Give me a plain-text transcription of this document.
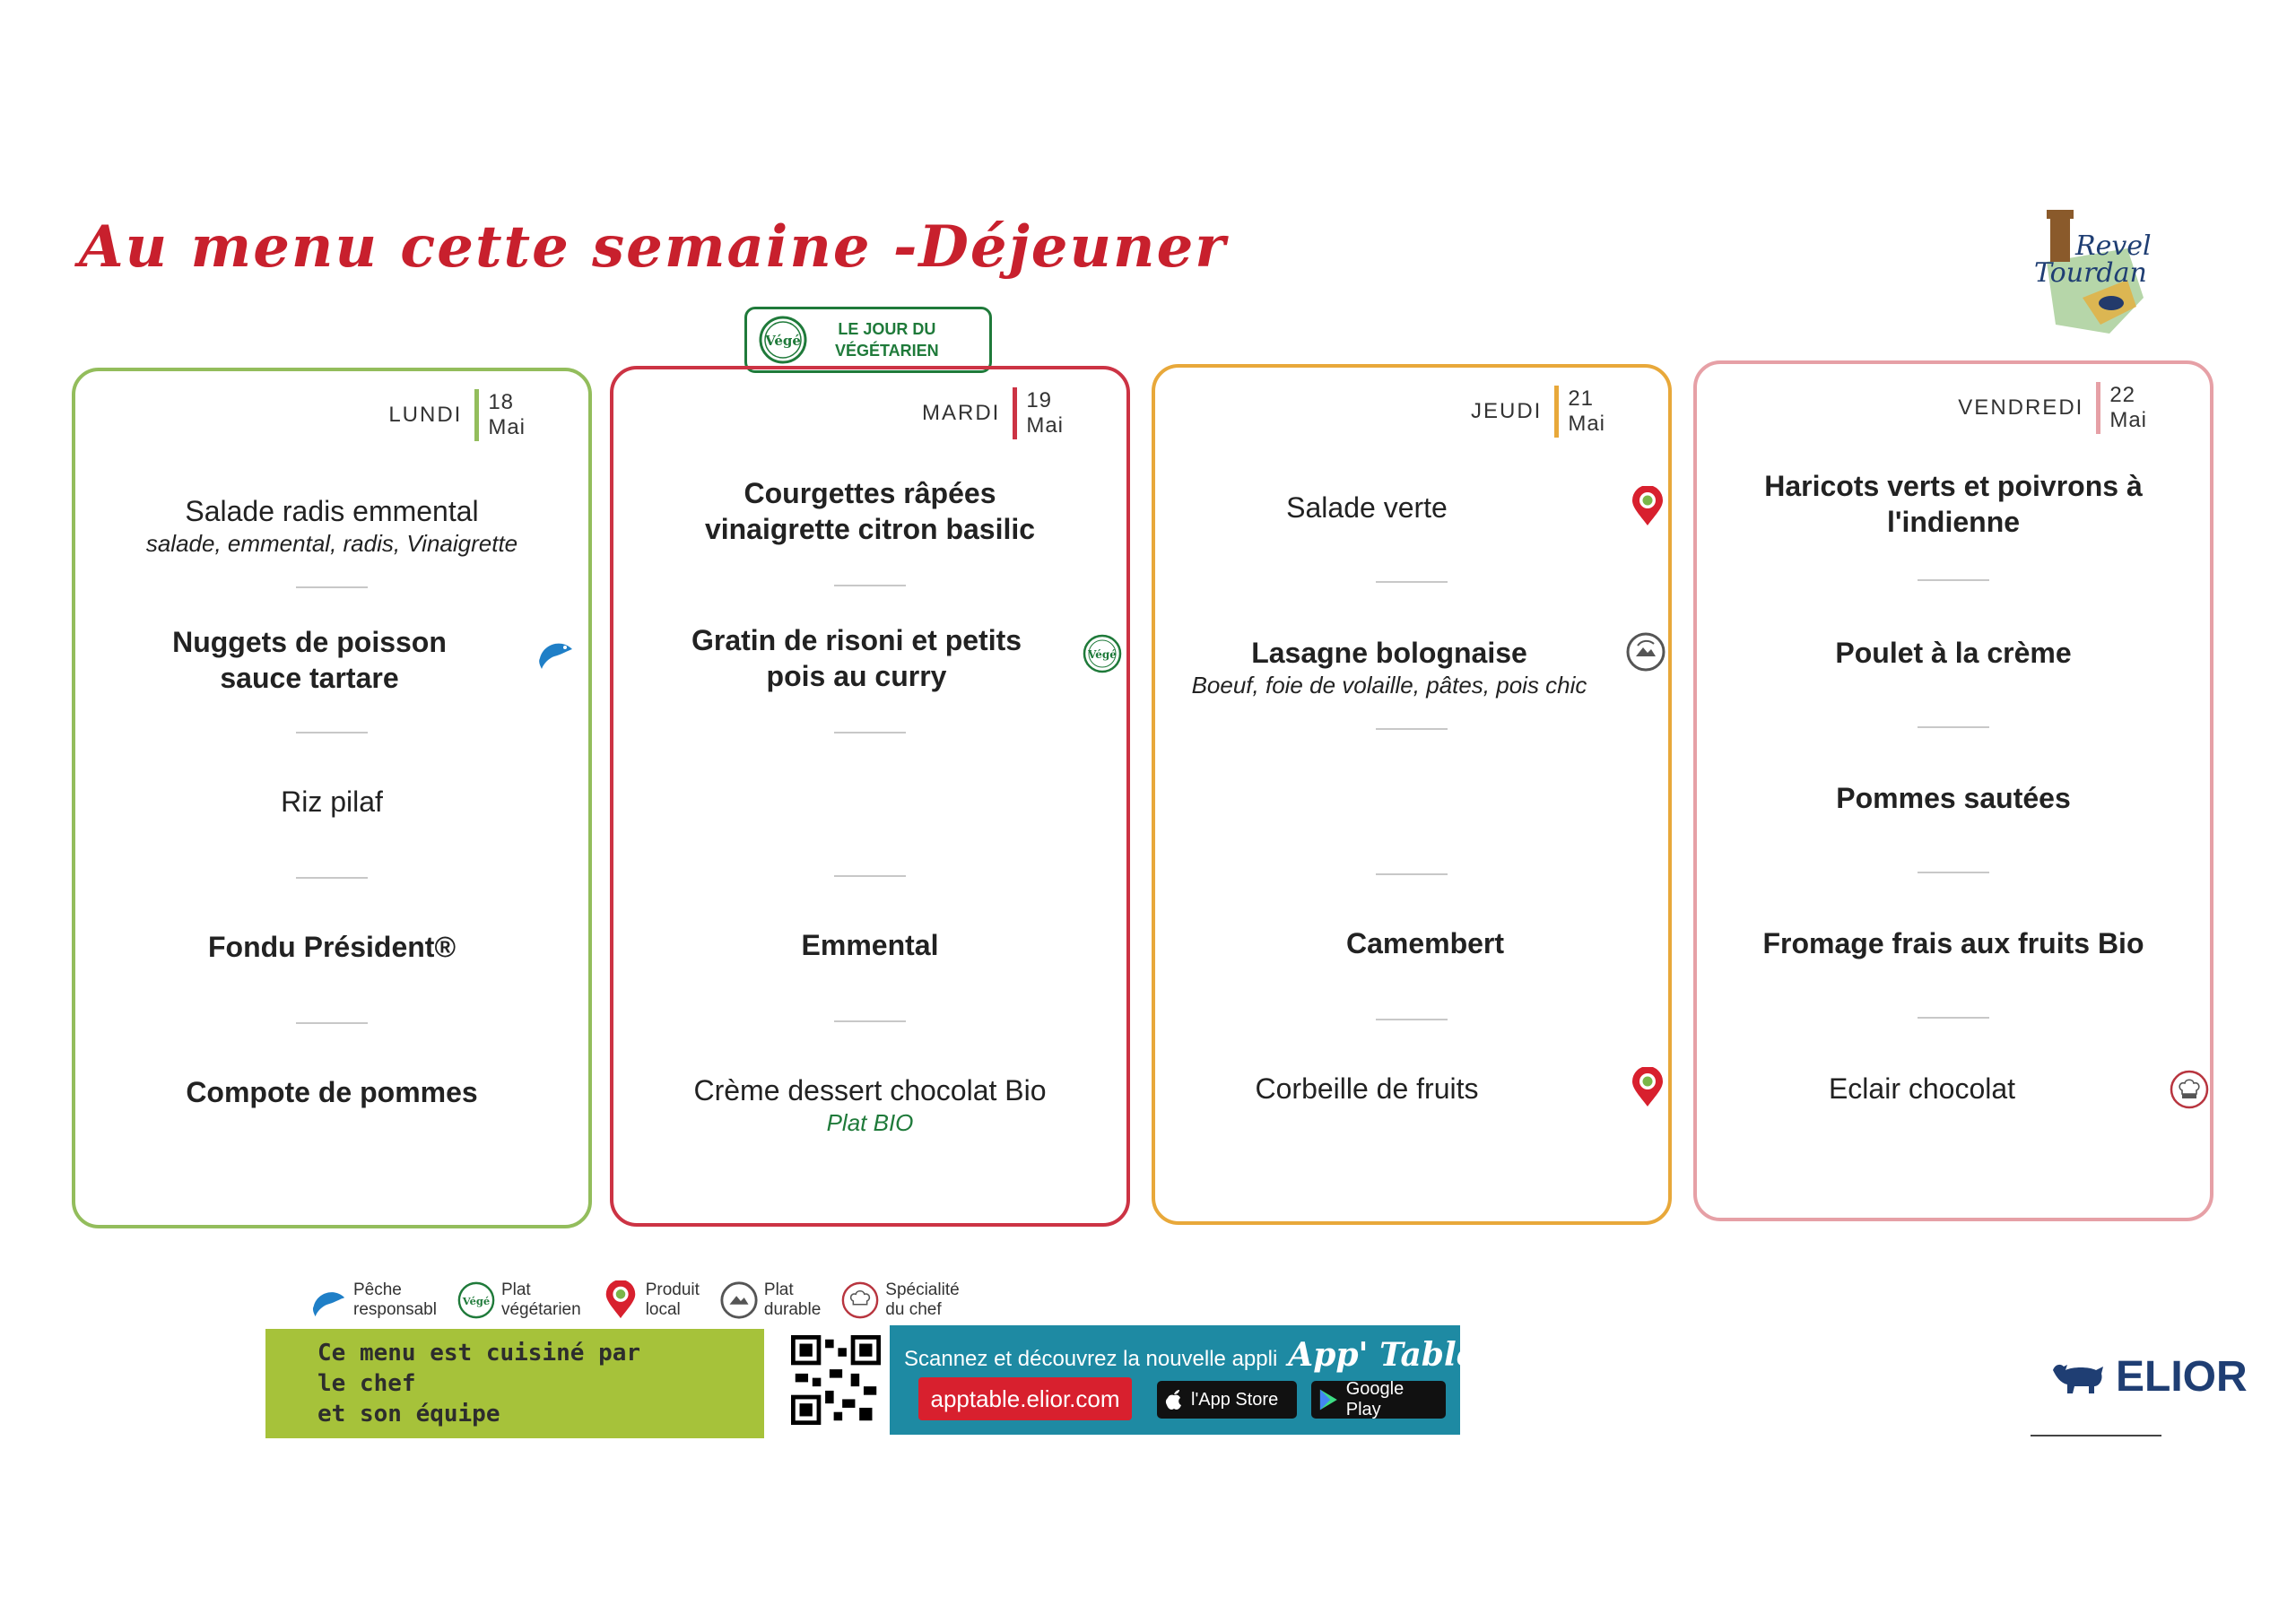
Au menu cette semaine -Déjeuner	Revel
Tourdan
Végé
LE JOUR DU
VÉGÉTARIEN
LUNDI
18
Mai
Salade radis emmental
salade, emmental, radis, Vinaigrette
Nuggets de poisson sauce tartare
Riz pilaf
Fondu Président®
Compote de pommes
MARDI
19
Mai
Courgettes râpées vinaigrette citron basilic
Gratin de risoni et petits pois au curry
Végé
Emmental
Crème dessert chocolat Bio
Plat BIO
JEUDI
21
Mai
Salade verte
Lasagne bolognaise
Boeuf, foie de volaille, pâtes, pois chic
Camembert
Corbeille de fruits
VENDREDI
22
Mai
Haricots verts et poivrons à l'indienne
Poulet à la crème
Pommes sautées
Fromage frais aux fruits Bio
Eclair chocolat
Pêche
responsabl Végé
Plat
végétarien
Produit
local
Plat
durable
Spécialité
du chef
Ce menu est cuisiné par
le chef
et son équipe
Scannez et découvrez la nouvelle appli App' Table
apptable.elior.com	l'App Store
Google Play
ELIOR
